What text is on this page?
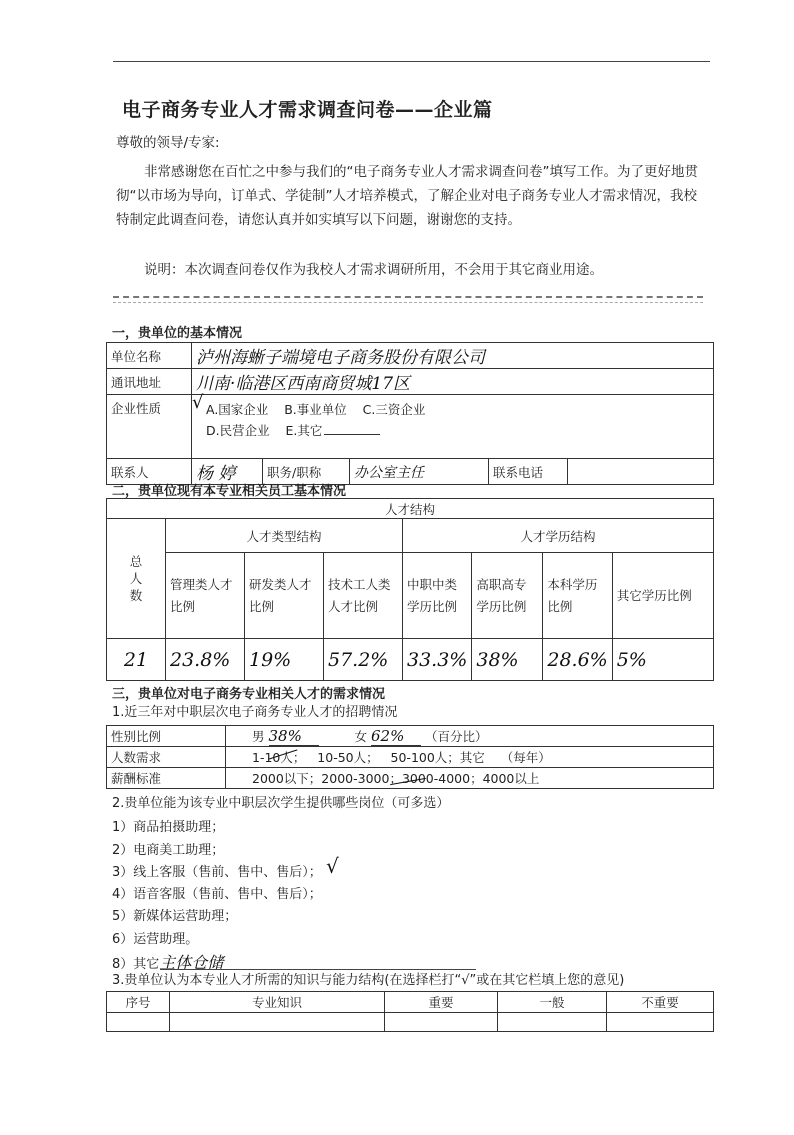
电子商务专业人才需求调查问卷——企业篇
尊敬的领导/专家:
非常感谢您在百忙之中参与我们的“电子商务专业人才需求调查问卷”填写工作。为了更好地贯彻“以市场为导向，订单式、学徒制”人才培养模式，了解企业对电子商务专业人才需求情况，我校特制定此调查问卷，请您认真并如实填写以下问题，谢谢您的支持。
说明：本次调查问卷仅作为我校人才需求调研所用，不会用于其它商业用途。
一，贵单位的基本情况
单位名称	泸州海蜥子端境电子商务股份有限公司				
通讯地址	川南·临港区西南商贸城17区				
企业性质	A.国家企业    B.事业单位    C.三资企业
D.民营企业    E.其它				

联系人	杨 婷	职务/职称	办公室主任	联系电话	
√
二，贵单位现有本专业相关员工基本情况
人才结构							
总人数	人才类型结构			人才学历结构			
	管理类人才比例	研发类人才比例	技术工人类人才比例	中职中类学历比例	高职高专学历比例	本科学历比例	其它学历比例
21	23.8%	19%	57.2%	33.3%	38%	28.6%	5%
三，贵单位对电子商务专业相关人才的需求情况
1.近三年对中职层次电子商务专业人才的招聘情况
性别比例	男 38% 女 62% （百分比）
人数需求	1-10人；   10-50人；   50-100人；其它    （每年）
薪酬标准	2000以下；2000-3000；3000-4000；4000以上
2.贵单位能为该专业中职层次学生提供哪些岗位（可多选）
1）商品拍摄助理；
2）电商美工助理；
3）线上客服（售前、售中、售后）； √
4）语音客服（售前、售中、售后）；
5）新媒体运营助理；
6）运营助理。
8）其它主体仓储
3.贵单位认为本专业人才所需的知识与能力结构(在选择栏打“√”或在其它栏填上您的意见)
序号	专业知识	重要	一般	不重要
